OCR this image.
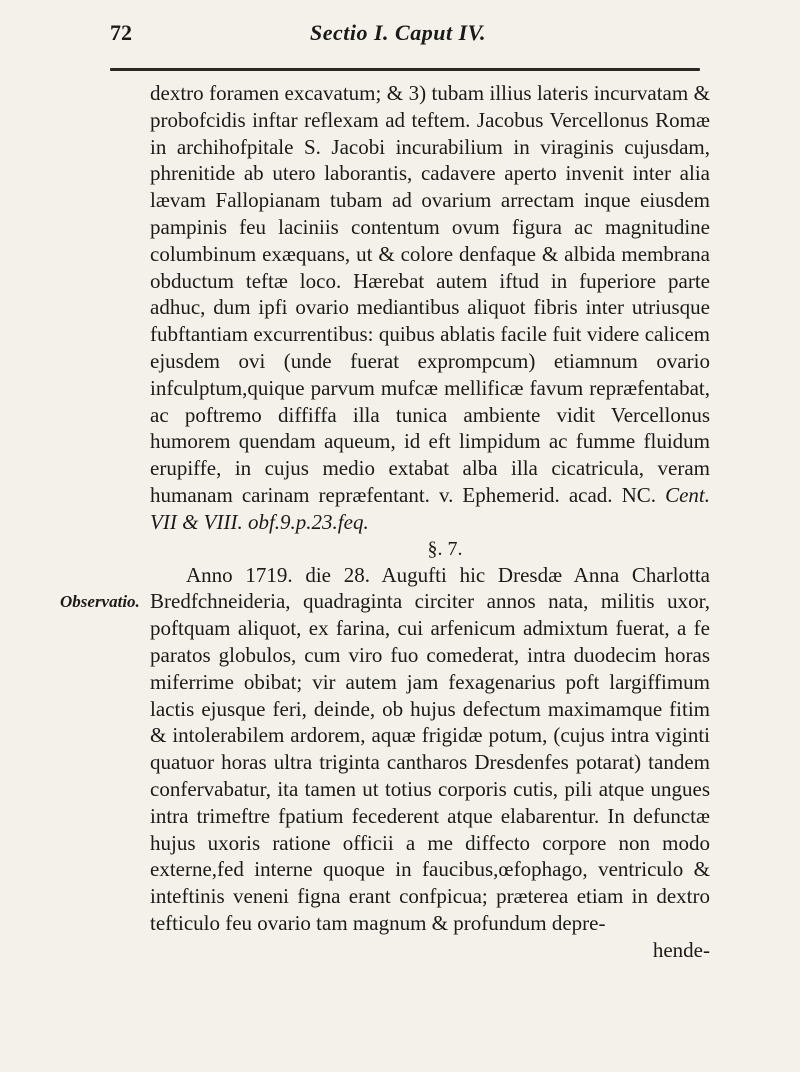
72	Sectio I. Caput IV.
Observatio.

dextro foramen excavatum; & 3) tubam illius lateris incurvatam & probofcidis inftar reflexam ad teftem. Jacobus Vercellonus Romæ in archihofpitale S. Jacobi incurabilium in viraginis cujusdam, phrenitide ab utero laborantis, cadavere aperto invenit inter alia lævam Fallopianam tubam ad ovarium arrectam inque eiusdem pampinis feu laciniis contentum ovum figura ac magnitudine columbinum exæquans, ut & colore denfaque & albida membrana obductum teftæ loco. Hærebat autem iftud in fuperiore parte adhuc, dum ipfi ovario mediantibus aliquot fibris inter utriusque fubftantiam excurrentibus: quibus ablatis facile fuit videre calicem ejusdem ovi (unde fuerat exprompcum) etiamnum ovario infculptum,quique parvum mufcæ mellificæ favum repræfentabat, ac poftremo diffiffa illa tunica ambiente vidit Vercellonus humorem quendam aqueum, id eft limpidum ac fumme fluidum erupiffe, in cujus medio extabat alba illa cicatricula, veram humanam carinam repræfentant. v. Ephemerid. acad. NC. Cent. VII & VIII. obf.9.p.23.feq.

§. 7.

Anno 1719. die 28. Augufti hic Dresdæ Anna Charlotta Bredfchneideria, quadraginta circiter annos nata, militis uxor, poftquam aliquot, ex farina, cui arfenicum admixtum fuerat, a fe paratos globulos, cum viro fuo comederat, intra duodecim horas miferrime obibat; vir autem jam fexagenarius poft largiffimum lactis ejusque feri, deinde, ob hujus defectum maximamque fitim & intolerabilem ardorem, aquæ frigidæ potum, (cujus intra viginti quatuor horas ultra triginta cantharos Dresdenfes potarat) tandem confervabatur, ita tamen ut totius corporis cutis, pili atque ungues intra trimeftre fpatium fecederent atque elabarentur. In defunctæ hujus uxoris ratione officii a me diffecto corpore non modo externe,fed interne quoque in faucibus,œfophago, ventriculo & inteftinis veneni figna erant confpicua; præterea etiam in dextro tefticulo feu ovario tam magnum & profundum depre-

hende-
